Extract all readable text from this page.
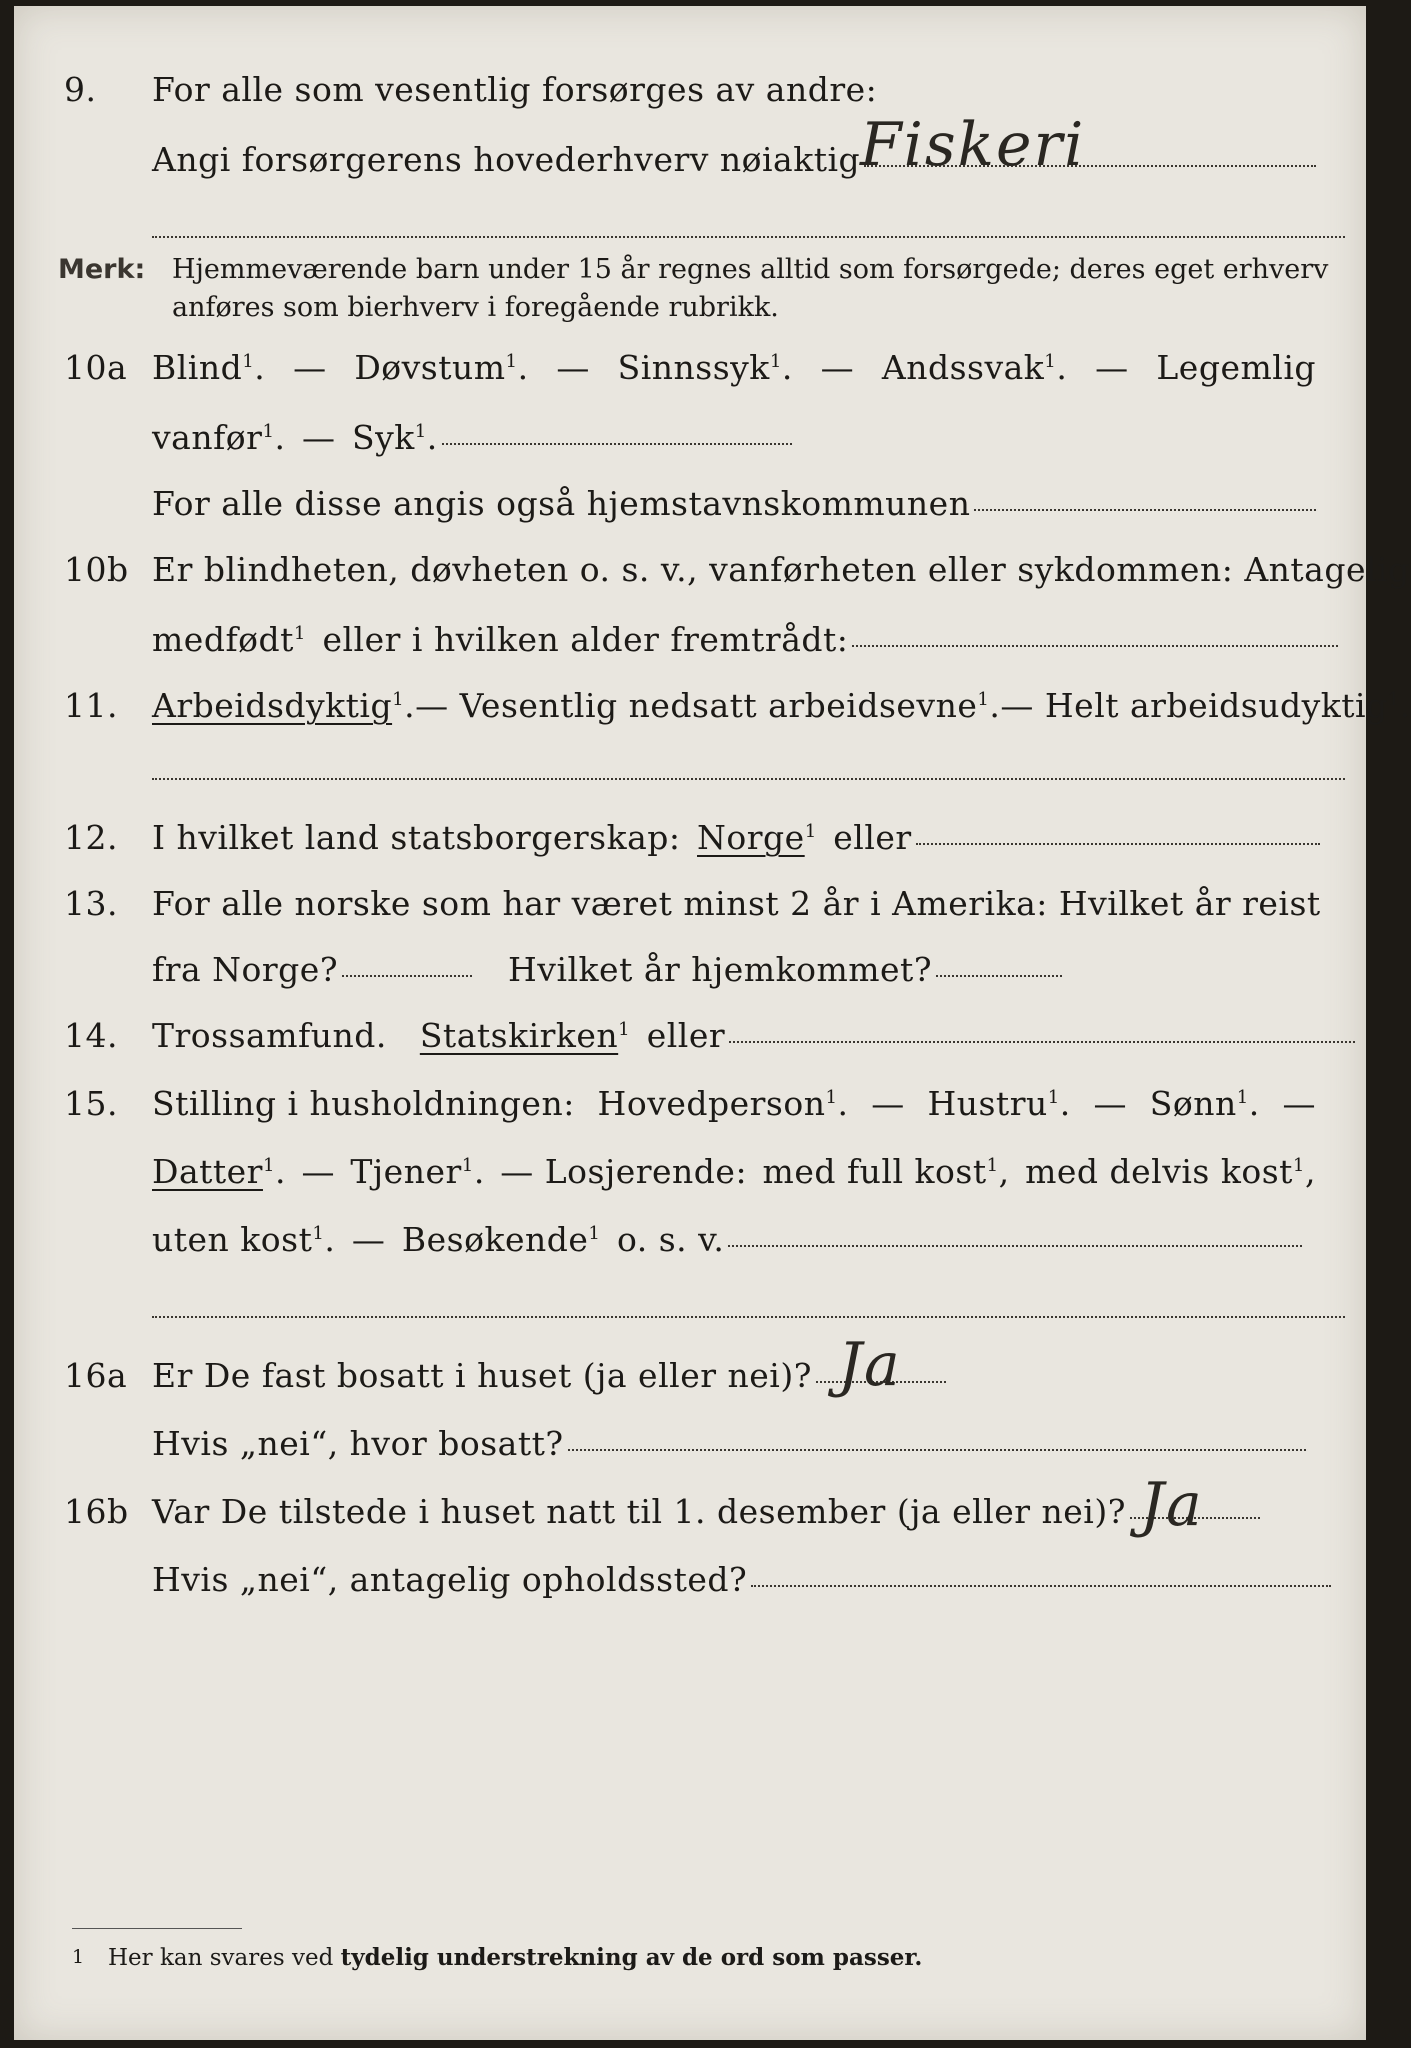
9.	For alle som vesentlig forsørges av andre:
Angi forsørgerens hovederhverv nøiaktig Fiskeri
Merk: Hjemmeværende barn under 15 år regnes alltid som forsørgede; deres eget erhverv
anføres som bierhverv i foregående rubrikk.
10a Blind$^1$. — Døvstum$^1$. — Sinnssyk$^1$. — Andssvak$^1$. — Legemlig
vanfør$^1$. — Syk$^1$.
For alle disse angis også hjemstavnskommunen
10b Er blindheten, døvheten o. s. v., vanførheten eller sykdommen: Antagelig
medfødt$^1$ eller i hvilken alder fremtrådt:
11.	Arbeidsdyktig$^1$. — Vesentlig nedsatt arbeidsevne$^1$. — Helt arbeidsudyktig$^1$.
12.	I hvilket land statsborgerskap: Norge$^1$ eller
13.	For alle norske som har været minst 2 år i Amerika: Hvilket år reist
fra Norge?	Hvilket år hjemkommet?
14.	Trossamfund. Statskirken$^1$ eller
15.	Stilling i husholdningen: Hovedperson$^1$. — Hustru$^1$. — Sønn$^1$. —
Datter$^1$. — Tjener$^1$. — Losjerende: med full kost$^1$, med delvis kost$^1$,
uten kost$^1$. — Besøkende$^1$ o. s. v.
16a Er De fast bosatt i huset (ja eller nei)? Ja
Hvis „nei“, hvor bosatt?
16b Var De tilstede i huset natt til 1. desember (ja eller nei)? Ja
Hvis „nei“, antagelig opholdssted?
1 Her kan svares ved tydelig understrekning av de ord som passer.
